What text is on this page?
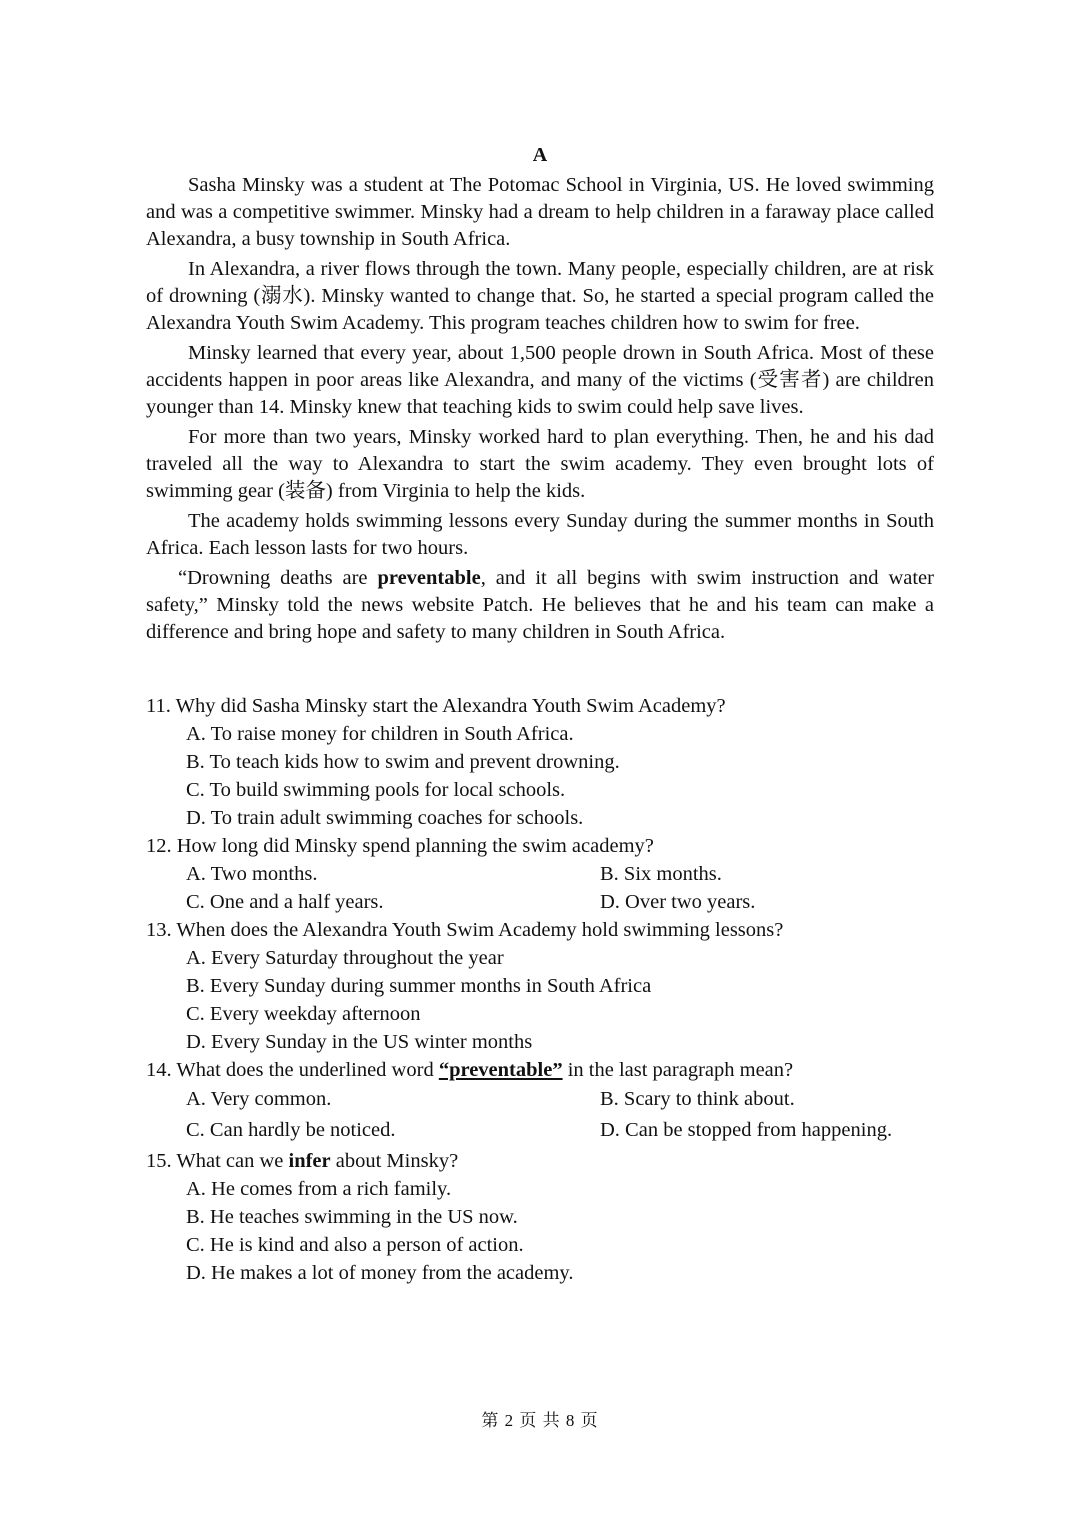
A

Sasha Minsky was a student at The Potomac School in Virginia, US. He loved swimming and was a competitive swimmer. Minsky had a dream to help children in a faraway place called Alexandra, a busy township in South Africa.

In Alexandra, a river flows through the town. Many people, especially children, are at risk of drowning (溺水). Minsky wanted to change that. So, he started a special program called the Alexandra Youth Swim Academy. This program teaches children how to swim for free.

Minsky learned that every year, about 1,500 people drown in South Africa. Most of these accidents happen in poor areas like Alexandra, and many of the victims (受害者) are children younger than 14. Minsky knew that teaching kids to swim could help save lives.

For more than two years, Minsky worked hard to plan everything. Then, he and his dad traveled all the way to Alexandra to start the swim academy. They even brought lots of swimming gear (装备) from Virginia to help the kids.

The academy holds swimming lessons every Sunday during the summer months in South Africa. Each lesson lasts for two hours.

“Drowning deaths are preventable, and it all begins with swim instruction and water safety,” Minsky told the news website Patch. He believes that he and his team can make a difference and bring hope and safety to many children in South Africa.

11. Why did Sasha Minsky start the Alexandra Youth Swim Academy?
A. To raise money for children in South Africa.
B. To teach kids how to swim and prevent drowning.
C. To build swimming pools for local schools.
D. To train adult swimming coaches for schools.
12. How long did Minsky spend planning the swim academy?
A. Two months.	B. Six months.
C. One and a half years.	D. Over two years.
13. When does the Alexandra Youth Swim Academy hold swimming lessons?
A. Every Saturday throughout the year
B. Every Sunday during summer months in South Africa
C. Every weekday afternoon
D. Every Sunday in the US winter months
14. What does the underlined word “preventable” in the last paragraph mean?
A. Very common.	B. Scary to think about.
C. Can hardly be noticed.	D. Can be stopped from happening.
15. What can we infer about Minsky?
A. He comes from a rich family.
B. He teaches swimming in the US now.
C. He is kind and also a person of action.
D. He makes a lot of money from the academy.
第 2 页 共 8 页
